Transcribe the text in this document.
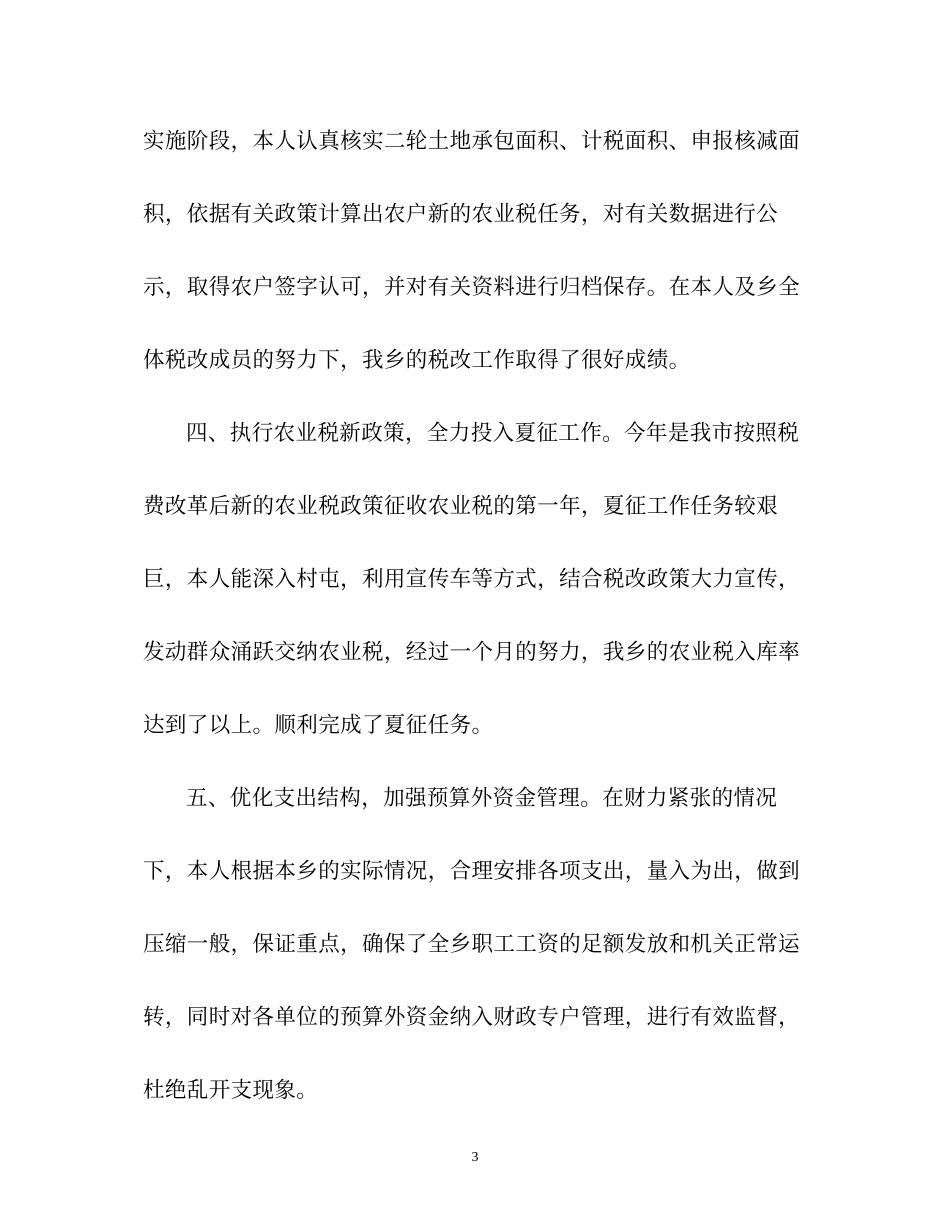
实施阶段，本人认真核实二轮土地承包面积、计税面积、申报核减面
积，依据有关政策计算出农户新的农业税任务，对有关数据进行公
示，取得农户签字认可，并对有关资料进行归档保存。在本人及乡全
体税改成员的努力下，我乡的税改工作取得了很好成绩。
四、执行农业税新政策，全力投入夏征工作。今年是我市按照税
费改革后新的农业税政策征收农业税的第一年，夏征工作任务较艰
巨，本人能深入村屯，利用宣传车等方式，结合税改政策大力宣传，
发动群众涌跃交纳农业税，经过一个月的努力，我乡的农业税入库率
达到了以上。顺利完成了夏征任务。
五、优化支出结构，加强预算外资金管理。在财力紧张的情况
下，本人根据本乡的实际情况，合理安排各项支出，量入为出，做到
压缩一般，保证重点，确保了全乡职工工资的足额发放和机关正常运
转，同时对各单位的预算外资金纳入财政专户管理，进行有效监督，
杜绝乱开支现象。
3
